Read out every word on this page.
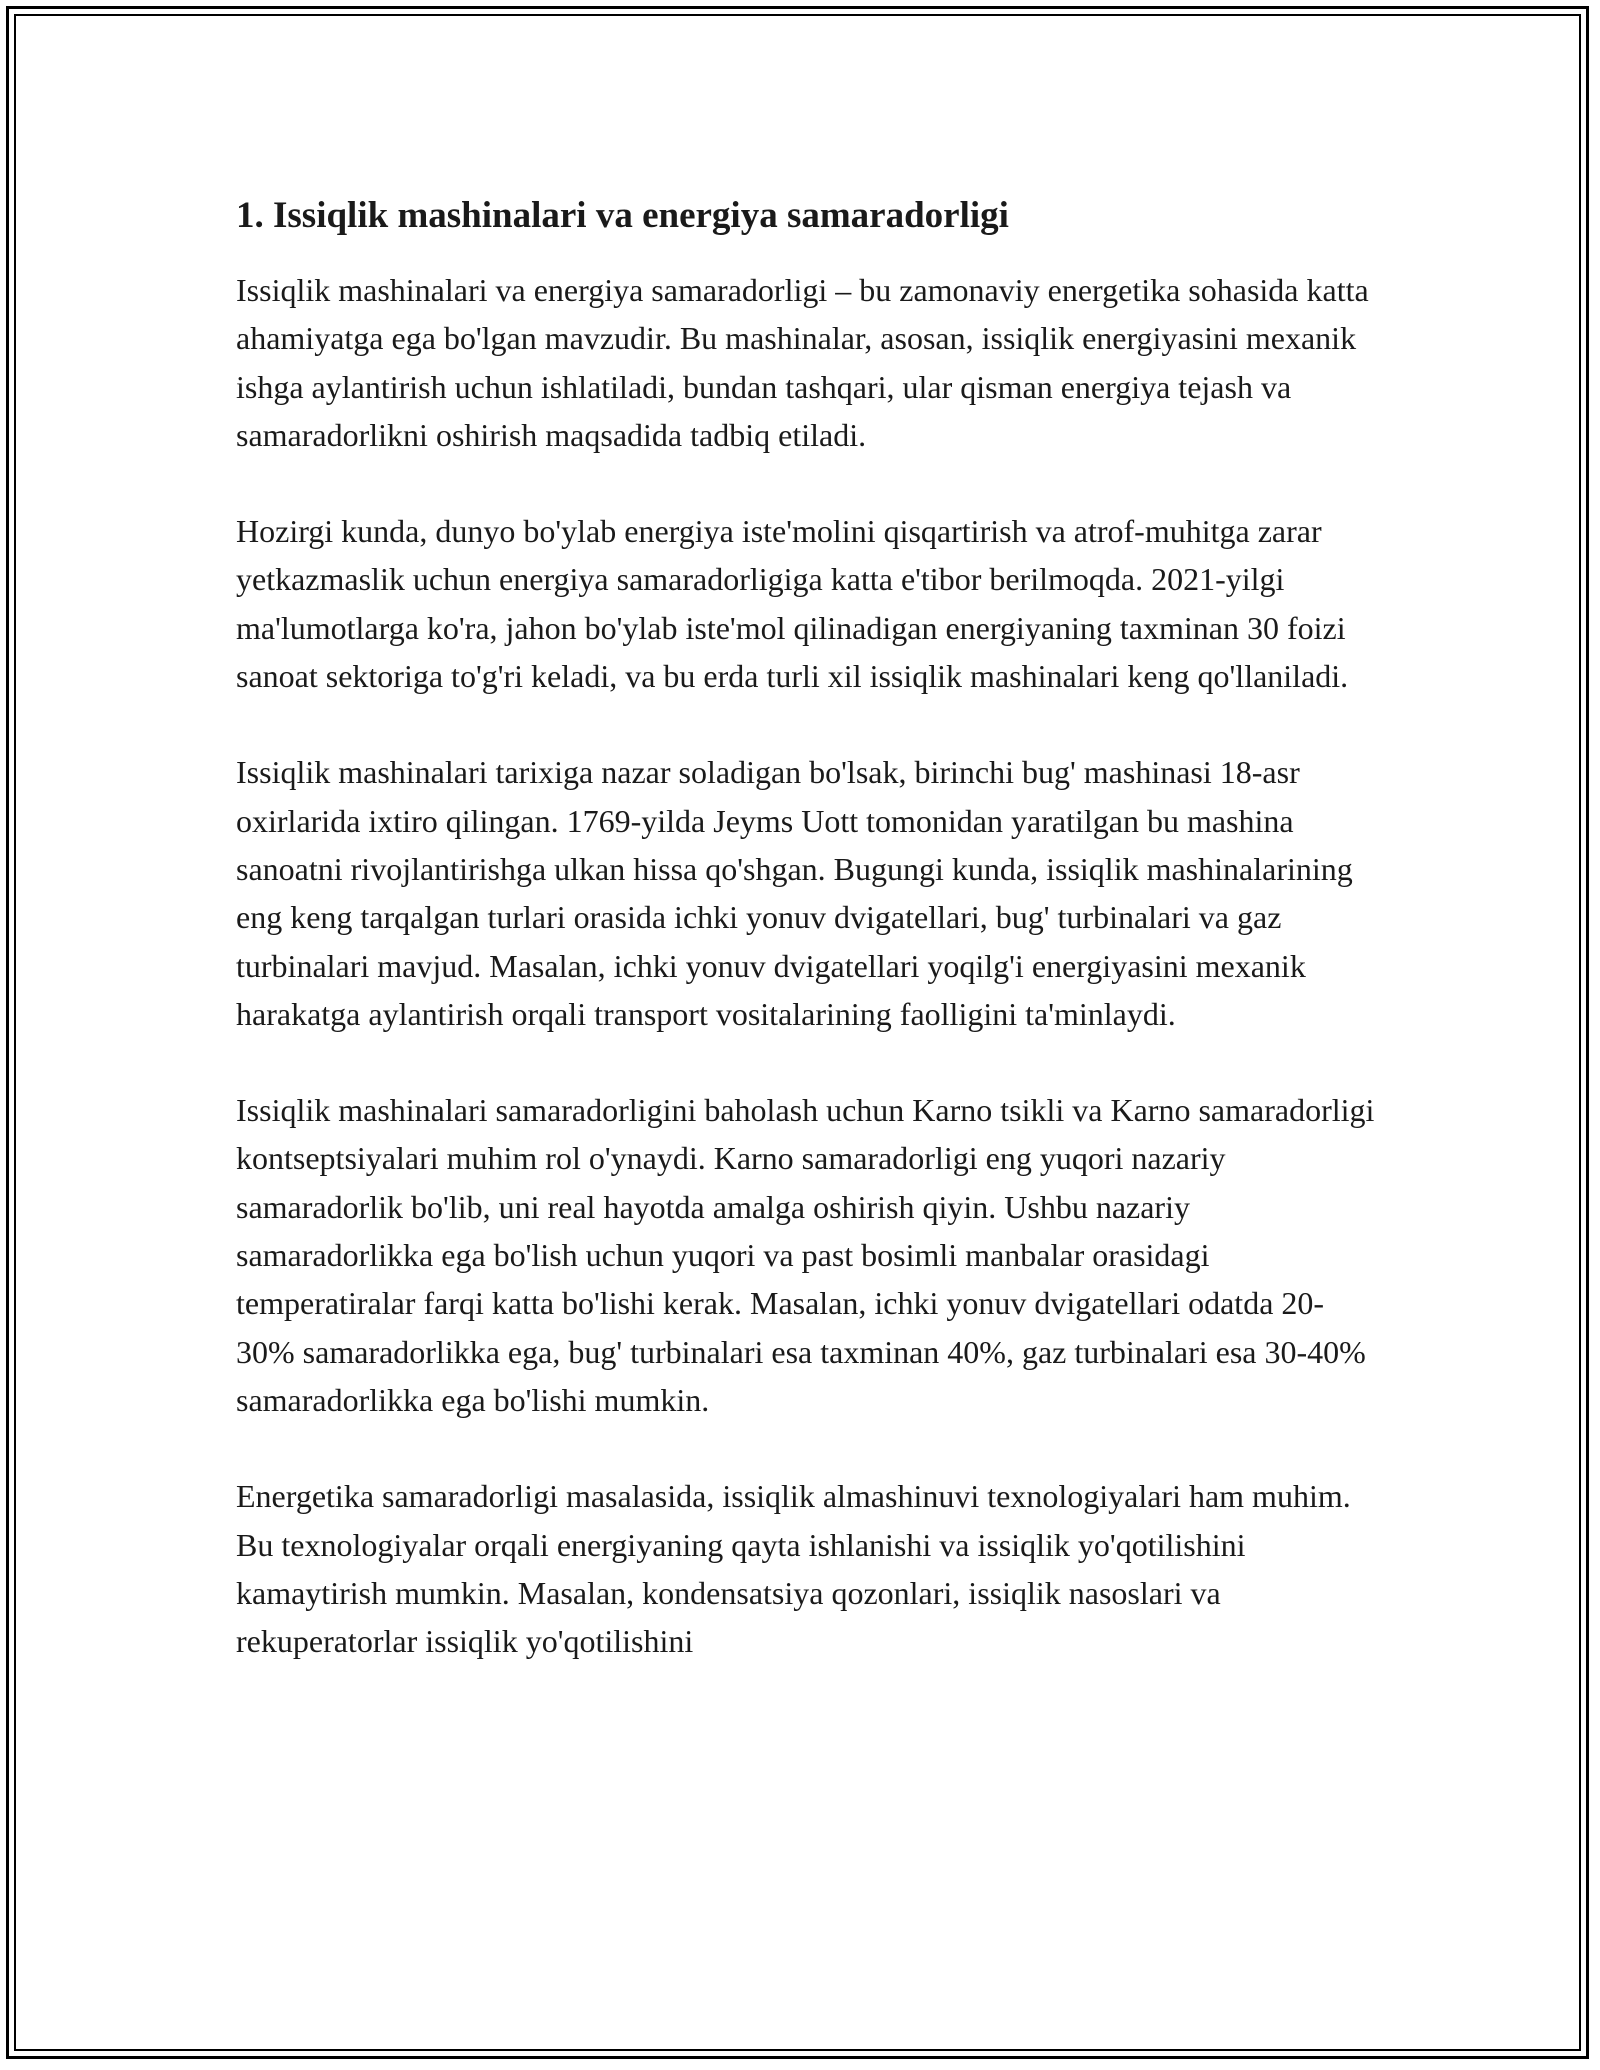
1. Issiqlik mashinalari va energiya samaradorligi

Issiqlik mashinalari va energiya samaradorligi – bu zamonaviy energetika sohasida katta ahamiyatga ega bo'lgan mavzudir. Bu mashinalar, asosan, issiqlik energiyasini mexanik ishga aylantirish uchun ishlatiladi, bundan tashqari, ular qisman energiya tejash va samaradorlikni oshirish maqsadida tadbiq etiladi.

Hozirgi kunda, dunyo bo'ylab energiya iste'molini qisqartirish va atrof-muhitga zarar yetkazmaslik uchun energiya samaradorligiga katta e'tibor berilmoqda. 2021-yilgi ma'lumotlarga ko'ra, jahon bo'ylab iste'mol qilinadigan energiyaning taxminan 30 foizi sanoat sektoriga to'g'ri keladi, va bu erda turli xil issiqlik mashinalari keng qo'llaniladi.

Issiqlik mashinalari tarixiga nazar soladigan bo'lsak, birinchi bug' mashinasi 18-asr oxirlarida ixtiro qilingan. 1769-yilda Jeyms Uott tomonidan yaratilgan bu mashina sanoatni rivojlantirishga ulkan hissa qo'shgan. Bugungi kunda, issiqlik mashinalarining eng keng tarqalgan turlari orasida ichki yonuv dvigatellari, bug' turbinalari va gaz turbinalari mavjud. Masalan, ichki yonuv dvigatellari yoqilg'i energiyasini mexanik harakatga aylantirish orqali transport vositalarining faolligini ta'minlaydi.

Issiqlik mashinalari samaradorligini baholash uchun Karno tsikli va Karno samaradorligi kontseptsiyalari muhim rol o'ynaydi. Karno samaradorligi eng yuqori nazariy samaradorlik bo'lib, uni real hayotda amalga oshirish qiyin. Ushbu nazariy samaradorlikka ega bo'lish uchun yuqori va past bosimli manbalar orasidagi temperatiralar farqi katta bo'lishi kerak. Masalan, ichki yonuv dvigatellari odatda 20-30% samaradorlikka ega, bug' turbinalari esa taxminan 40%, gaz turbinalari esa 30-40% samaradorlikka ega bo'lishi mumkin.

Energetika samaradorligi masalasida, issiqlik almashinuvi texnologiyalari ham muhim. Bu texnologiyalar orqali energiyaning qayta ishlanishi va issiqlik yo'qotilishini kamaytirish mumkin. Masalan, kondensatsiya qozonlari, issiqlik nasoslari va rekuperatorlar issiqlik yo'qotilishini
